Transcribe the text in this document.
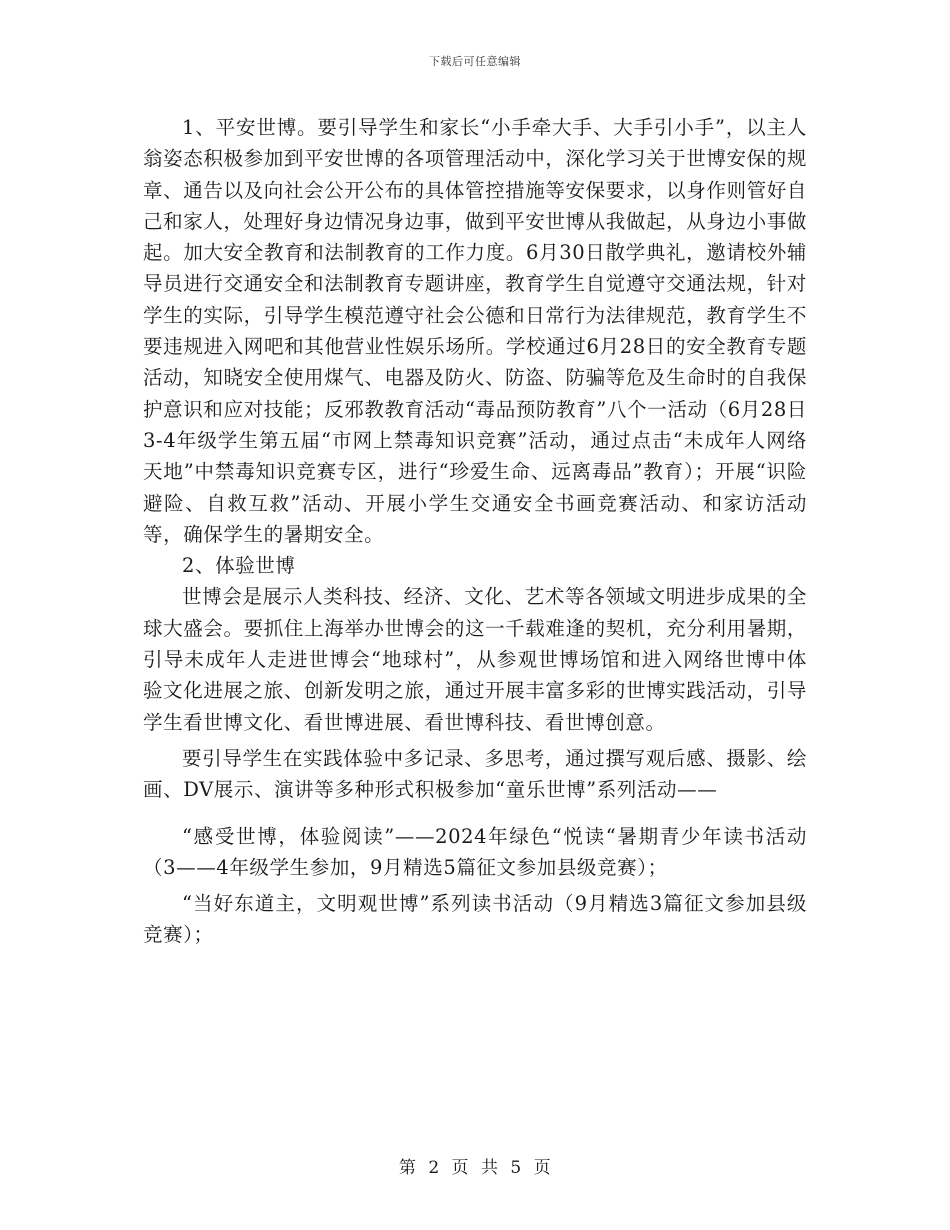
下载后可任意编辑

1、平安世博。要引导学生和家长“小手牵大手、大手引小手”，以主人翁姿态积极参加到平安世博的各项管理活动中，深化学习关于世博安保的规章、通告以及向社会公开公布的具体管控措施等安保要求，以身作则管好自己和家人，处理好身边情况身边事，做到平安世博从我做起，从身边小事做起。加大安全教育和法制教育的工作力度。6月30日散学典礼，邀请校外辅导员进行交通安全和法制教育专题讲座，教育学生自觉遵守交通法规，针对学生的实际，引导学生模范遵守社会公德和日常行为法律规范，教育学生不要违规进入网吧和其他营业性娱乐场所。学校通过6月28日的安全教育专题活动，知晓安全使用煤气、电器及防火、防盗、防骗等危及生命时的自我保护意识和应对技能；反邪教教育活动“毒品预防教育”八个一活动（6月28日3-4年级学生第五届“市网上禁毒知识竞赛”活动，通过点击“未成年人网络天地”中禁毒知识竞赛专区，进行“珍爱生命、远离毒品”教育）；开展“识险避险、自救互救”活动、开展小学生交通安全书画竞赛活动、和家访活动等，确保学生的暑期安全。

2、体验世博

世博会是展示人类科技、经济、文化、艺术等各领域文明进步成果的全球大盛会。要抓住上海举办世博会的这一千载难逢的契机，充分利用暑期，引导未成年人走进世博会“地球村”，从参观世博场馆和进入网络世博中体验文化进展之旅、创新发明之旅，通过开展丰富多彩的世博实践活动，引导学生看世博文化、看世博进展、看世博科技、看世博创意。

要引导学生在实践体验中多记录、多思考，通过撰写观后感、摄影、绘画、DV展示、演讲等多种形式积极参加“童乐世博”系列活动——

“感受世博，体验阅读”——2024年绿色“悦读“暑期青少年读书活动（3——4年级学生参加，9月精选5篇征文参加县级竞赛）；

“当好东道主，文明观世博”系列读书活动（9月精选3篇征文参加县级竞赛）；

第 2 页 共 5 页
